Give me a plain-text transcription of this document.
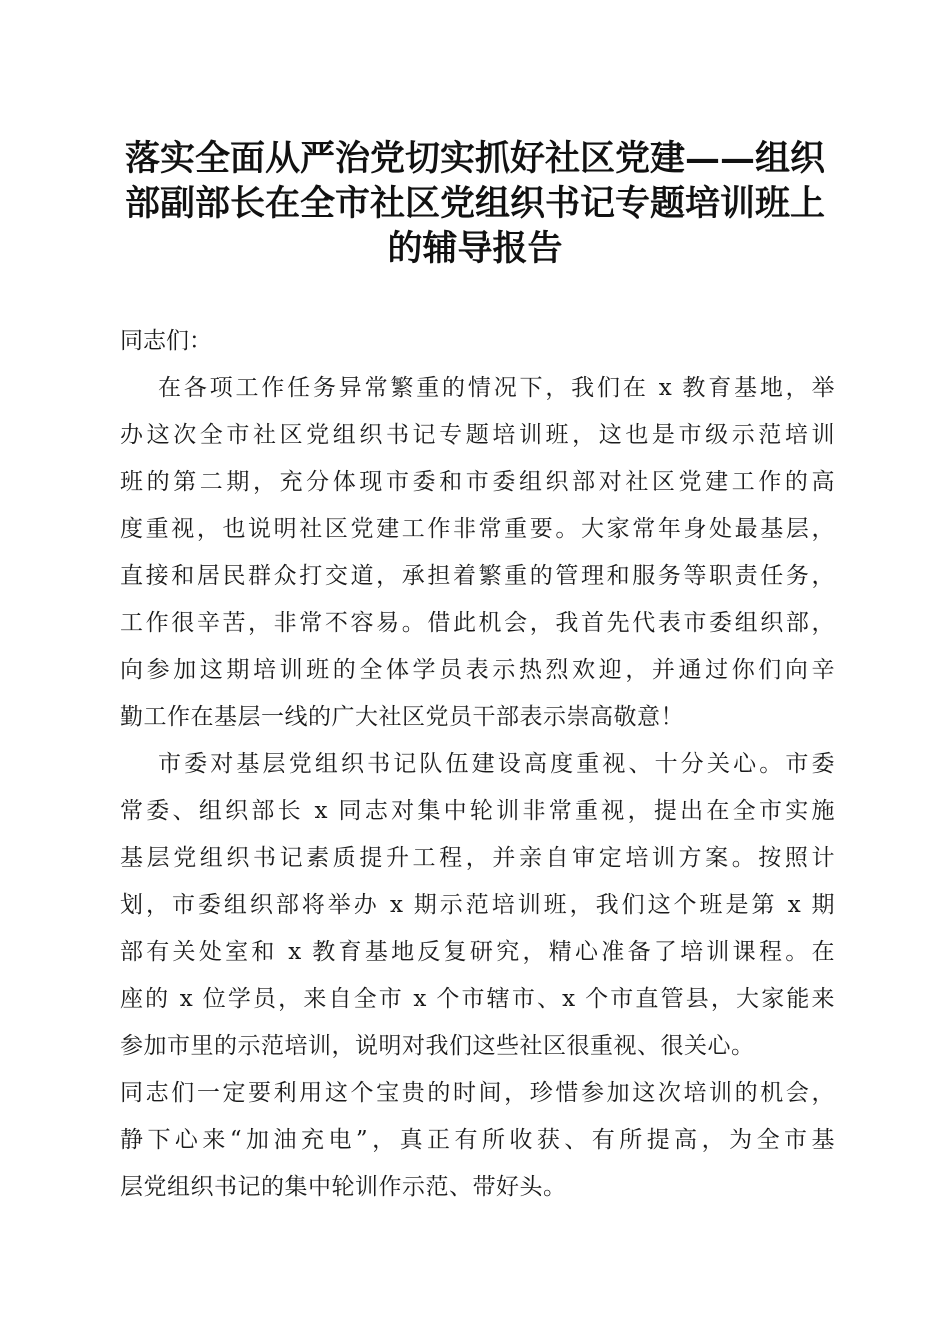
落实全面从严治党切实抓好社区党建——组织
部副部长在全市社区党组织书记专题培训班上
的辅导报告
同志们：
在各项工作任务异常繁重的情况下，我们在 x 教育基地，举
办这次全市社区党组织书记专题培训班，这也是市级示范培训
班的第二期，充分体现市委和市委组织部对社区党建工作的高
度重视，也说明社区党建工作非常重要。大家常年身处最基层，
直接和居民群众打交道，承担着繁重的管理和服务等职责任务，
工作很辛苦，非常不容易。借此机会，我首先代表市委组织部，
向参加这期培训班的全体学员表示热烈欢迎，并通过你们向辛
勤工作在基层一线的广大社区党员干部表示崇高敬意！
市委对基层党组织书记队伍建设高度重视、十分关心。市委
常委、组织部长 x 同志对集中轮训非常重视，提出在全市实施
基层党组织书记素质提升工程，并亲自审定培训方案。按照计
划，市委组织部将举办 x 期示范培训班，我们这个班是第 x 期
部有关处室和 x 教育基地反复研究，精心准备了培训课程。在
座的 x 位学员，来自全市 x 个市辖市、x 个市直管县，大家能来
参加市里的示范培训，说明对我们这些社区很重视、很关心。
同志们一定要利用这个宝贵的时间，珍惜参加这次培训的机会，
静下心来“加油充电”，真正有所收获、有所提高，为全市基
层党组织书记的集中轮训作示范、带好头。
